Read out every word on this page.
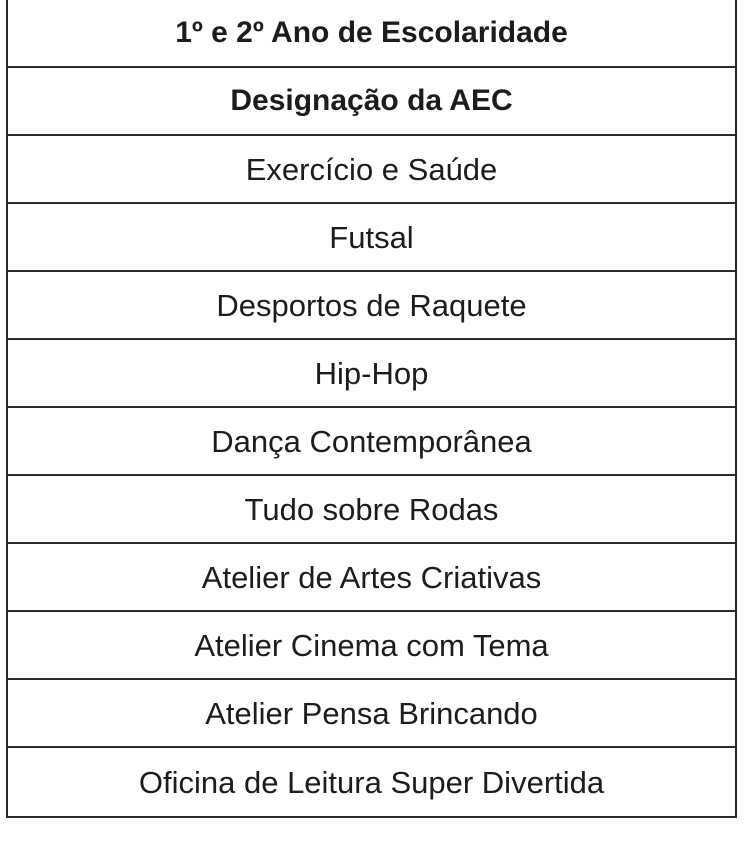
1º e 2º Ano de Escolaridade
Designação da AEC
Exercício e Saúde
Futsal
Desportos de Raquete
Hip-Hop
Dança Contemporânea
Tudo sobre Rodas
Atelier de Artes Criativas
Atelier Cinema com Tema
Atelier Pensa Brincando
Oficina de Leitura Super Divertida
